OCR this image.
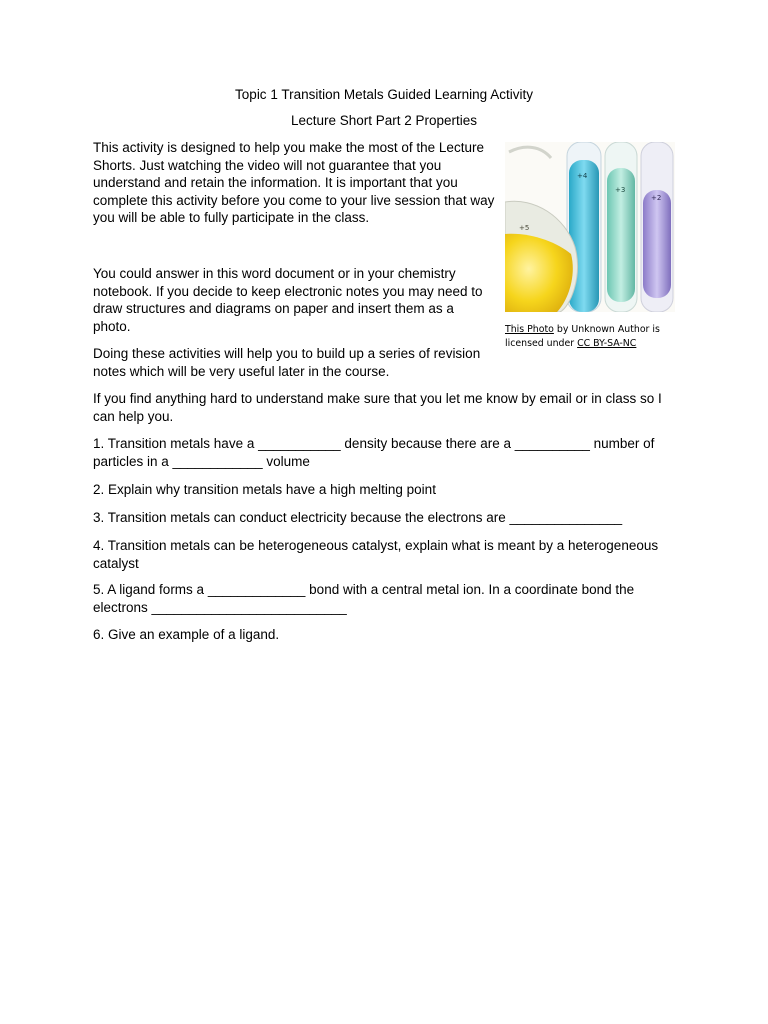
Topic 1 Transition Metals Guided Learning Activity
Lecture Short Part 2 Properties

This activity is designed to help you make the most of the Lecture Shorts. Just watching the video will not guarantee that you understand and retain the information. It is important that you complete this activity before you come to your live session that way you will be able to fully participate in the class.

You could answer in this word document or in your chemistry notebook. If you decide to keep electronic notes you may need to draw structures and diagrams on paper and insert them as a photo.

Doing these activities will help you to build up a series of revision notes which will be very useful later in the course.

If you find anything hard to understand make sure that you let me know by email or in class so I can help you.

1. Transition metals have a ___________ density because there are a __________ number of particles in a ____________ volume

2. Explain why transition metals have a high melting point

3. Transition metals can conduct electricity because the electrons are _______________

4. Transition metals can be heterogeneous catalyst, explain what is meant by a heterogeneous catalyst

5. A ligand forms a _____________ bond with a central metal ion. In a coordinate bond the electrons __________________________

6. Give an example of a ligand.

+4
+3
+2
+5
This Photo by Unknown Author is licensed under CC BY-SA-NC
